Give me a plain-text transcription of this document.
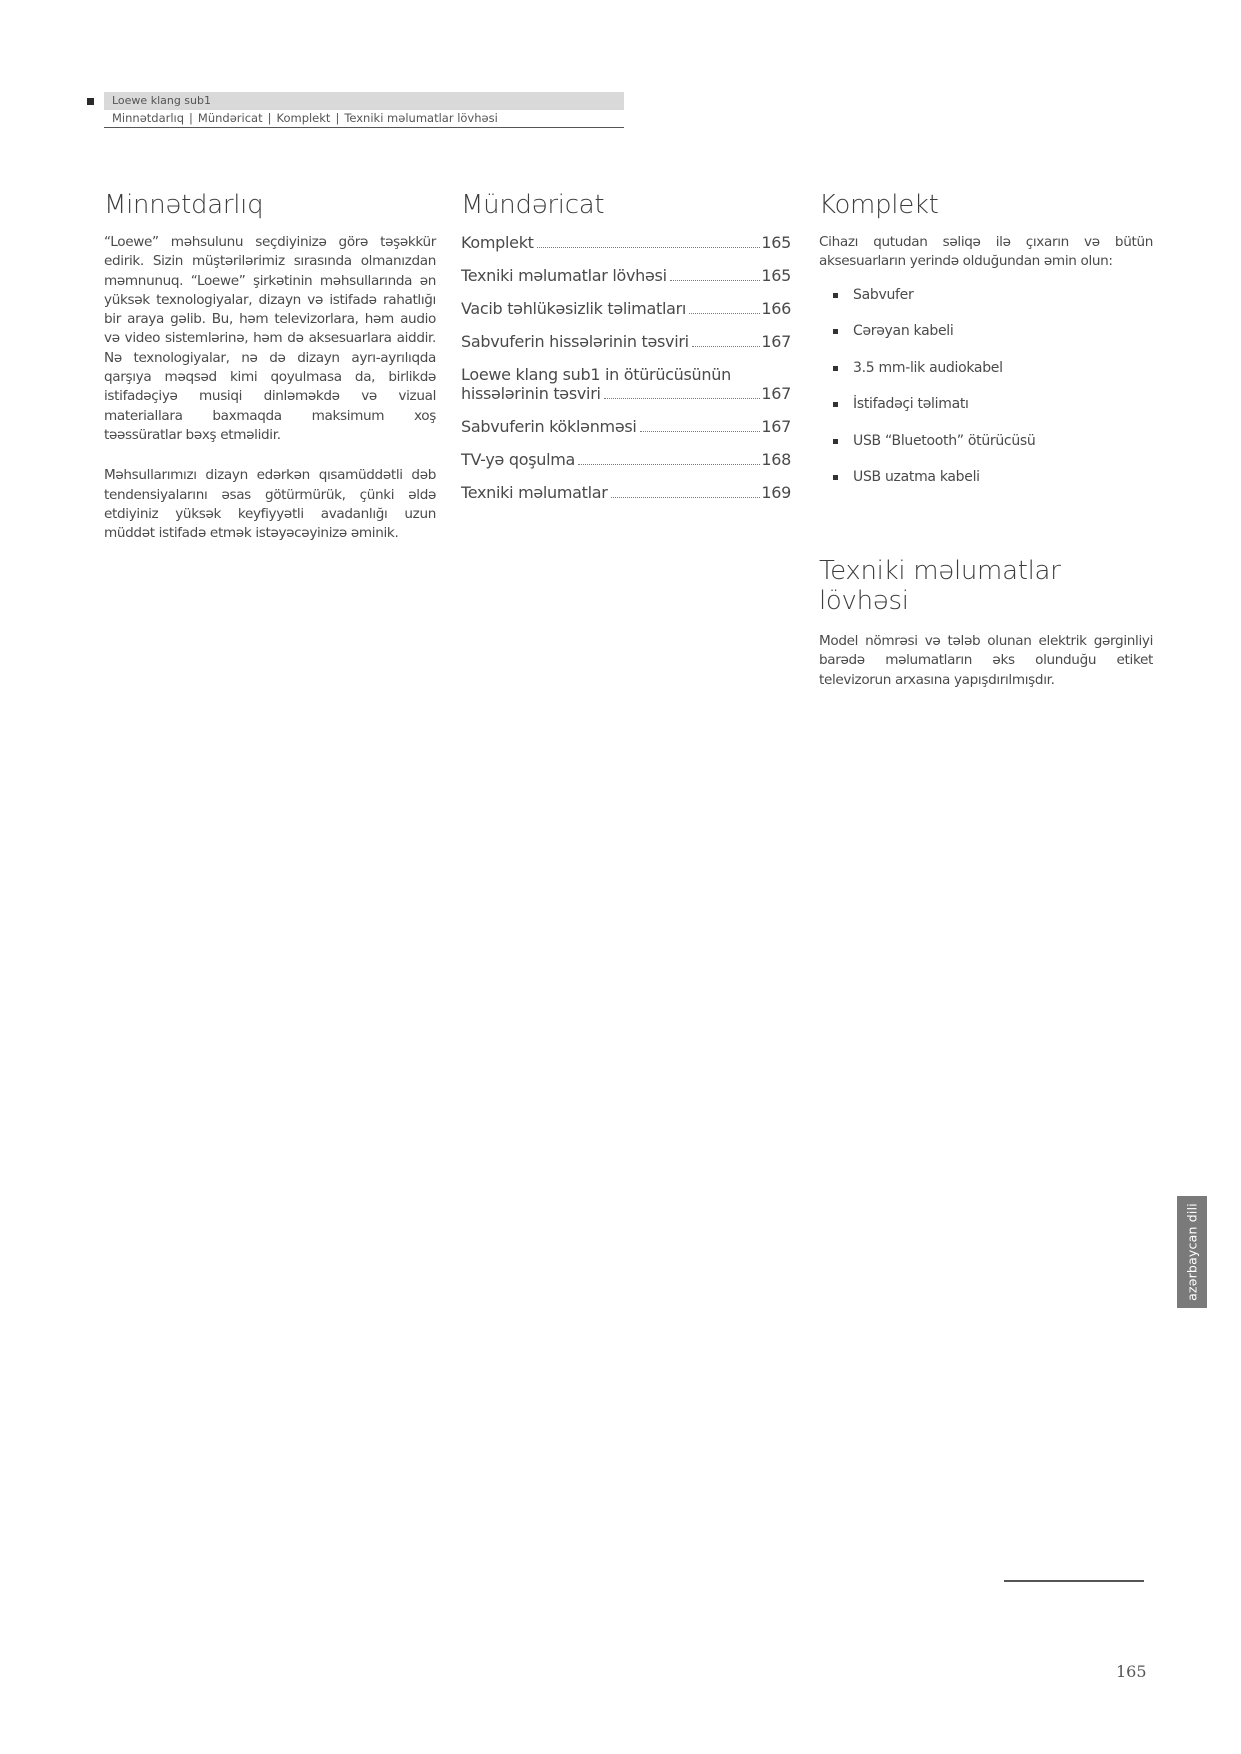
Loewe klang sub1
Minnətdarlıq | Mündəricat | Komplekt | Texniki məlumatlar lövhəsi
Minnətdarlıq

“Loewe” məhsulunu seçdiyinizə görə təşəkkür edirik. Sizin müştərilərimiz sırasında olmanızdan məmnunuq. “Loewe” şirkətinin məhsullarında ən yüksək texnologiyalar, dizayn və istifadə rahatlığı bir araya gəlib. Bu, həm televizorlara, həm audio və video sistemlərinə, həm də aksesuarlara aiddir. Nə texnologiyalar, nə də dizayn ayrı-ayrılıqda qarşıya məqsəd kimi qoyulmasa da, birlikdə istifadəçiyə musiqi dinləməkdə və vizual materiallara baxmaqda maksimum xoş təəssüratlar bəxş etməlidir.

Məhsullarımızı dizayn edərkən qısamüddətli dəb tendensiyalarını əsas götürmürük, çünki əldə etdiyiniz yüksək keyfiyyətli avadanlığı uzun müddət istifadə etmək istəyəcəyinizə əminik.

Mündəricat
Komplekt	165
Texniki məlumatlar lövhəsi	165
Vacib təhlükəsizlik təlimatları	166
Sabvuferin hissələrinin təsviri	167
Loewe klang sub1 in ötürücüsünün
hissələrinin təsviri	167
Sabvuferin köklənməsi	167
TV-yə qoşulma	168
Texniki məlumatlar	169
Komplekt

Cihazı qutudan səliqə ilə çıxarın və bütün aksesuarların yerində olduğundan əmin olun:

Sabvufer
Cərəyan kabeli
3.5 mm-lik audiokabel
İstifadəçi təlimatı
USB “Bluetooth” ötürücüsü
USB uzatma kabeli
Texniki məlumatlar lövhəsi

Model nömrəsi və tələb olunan elektrik gərginliyi barədə məlumatların əks olunduğu etiket televizorun arxasına yapışdırılmışdır.

azərbaycan dili
165
